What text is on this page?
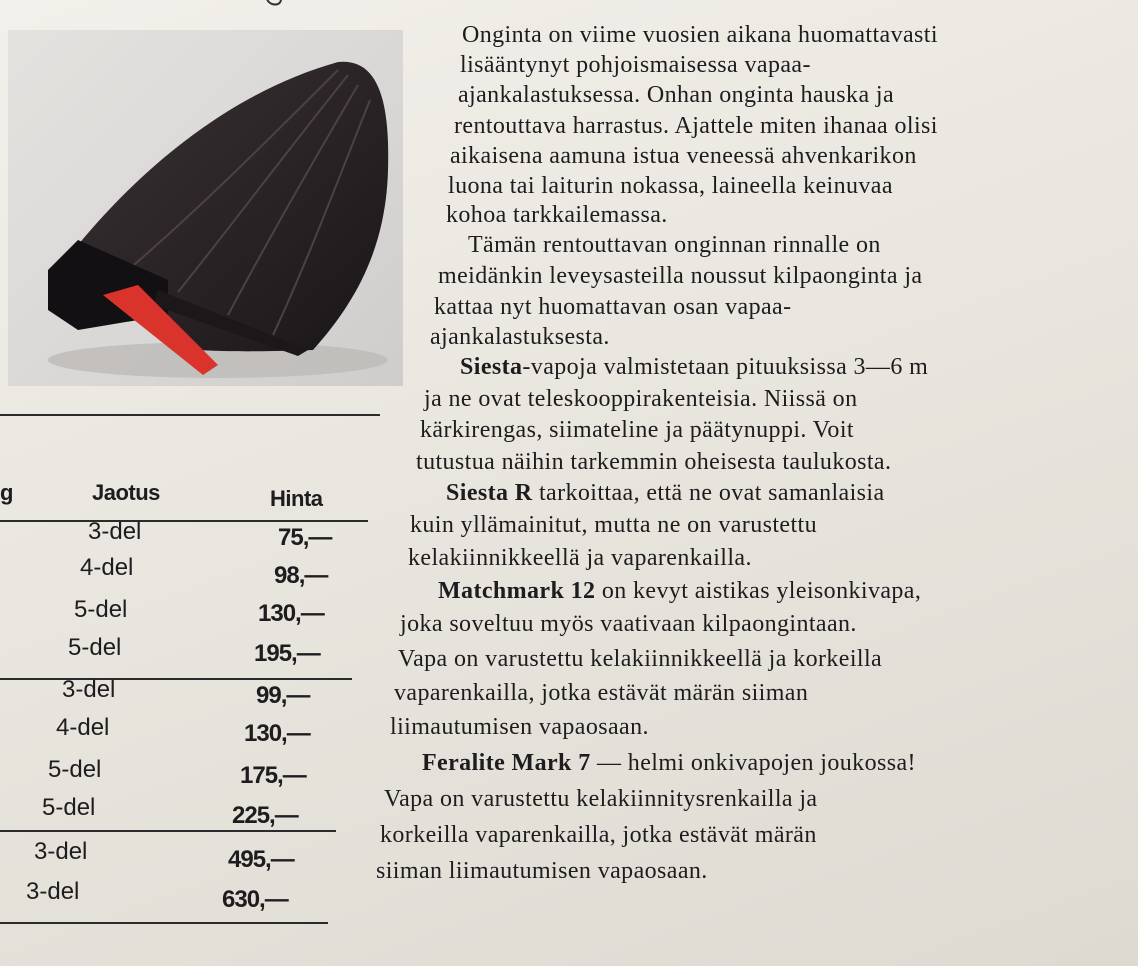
g	Jaotus	Hinta
3-del	75,—
4-del	98,—
5-del	130,—
5-del	195,—
3-del	99,—
4-del	130,—
5-del	175,—
5-del	225,—
3-del	495,—
3-del	630,—
Onginta on viime vuosien aikana huomattavasti
lisääntynyt pohjoismaisessa vapaa-
ajankalastuksessa. Onhan onginta hauska ja
rentouttava harrastus. Ajattele miten ihanaa olisi
aikaisena aamuna istua veneessä ahvenkarikon
luona tai laiturin nokassa, laineella keinuvaa
kohoa tarkkailemassa.
Tämän rentouttavan onginnan rinnalle on
meidänkin leveysasteilla noussut kilpaonginta ja
kattaa nyt huomattavan osan vapaa-
ajankalastuksesta.
Siesta-vapoja valmistetaan pituuksissa 3—6 m
ja ne ovat teleskooppirakenteisia. Niissä on
kärkirengas, siimateline ja päätynuppi. Voit
tutustua näihin tarkemmin oheisesta taulukosta.
Siesta R tarkoittaa, että ne ovat samanlaisia
kuin yllämainitut, mutta ne on varustettu
kelakiinnikkeellä ja vaparenkailla.
Matchmark 12 on kevyt aistikas yleisonkivapa,
joka soveltuu myös vaativaan kilpaongintaan.
Vapa on varustettu kelakiinnikkeellä ja korkeilla
vaparenkailla, jotka estävät märän siiman
liimautumisen vapaosaan.
Feralite Mark 7 — helmi onkivapojen joukossa!
Vapa on varustettu kelakiinnitysrenkailla ja
korkeilla vaparenkailla, jotka estävät märän
siiman liimautumisen vapaosaan.
